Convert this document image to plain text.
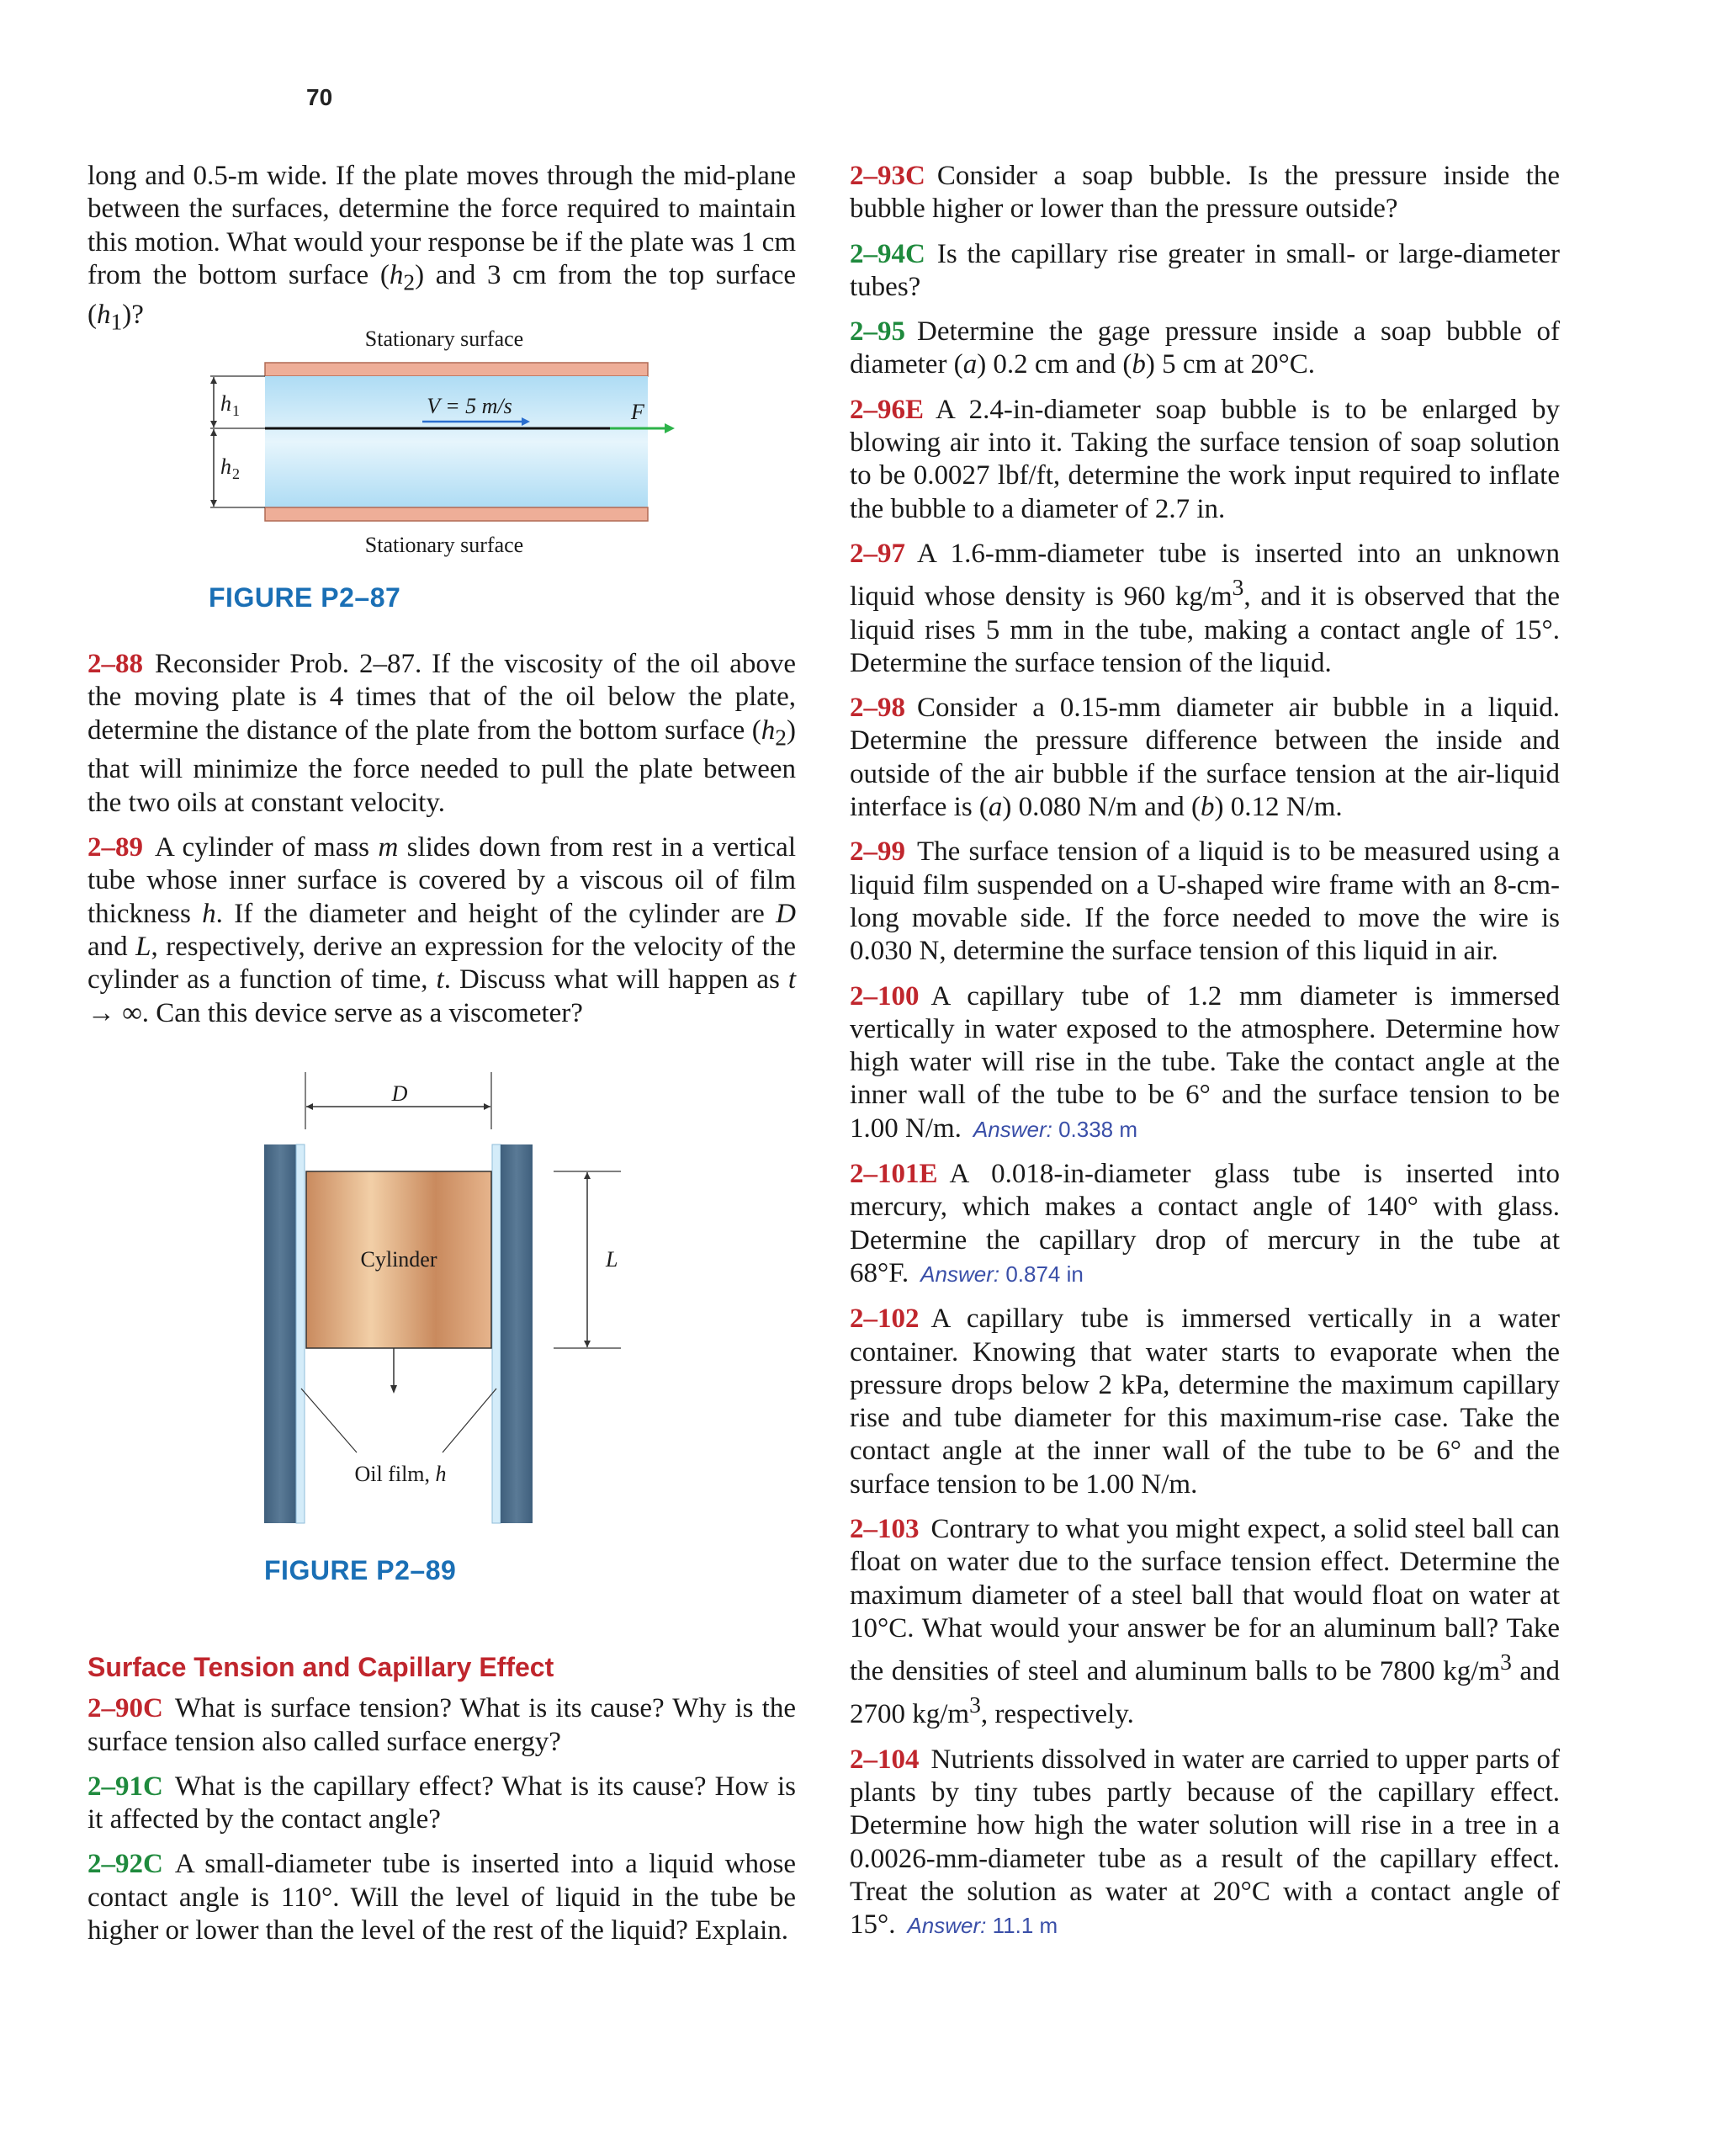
70

long and 0.5-m wide. If the plate moves through the mid-plane between the surfaces, determine the force required to maintain this motion. What would your response be if the plate was 1 cm from the bottom surface $(h_2)$ and 3 cm from the top surface $(h_1)$?

Stationary surface
F
V = 5 m/s
h 1
h 2
Stationary surface
FIGURE P2–87

2–88 Reconsider Prob. 2–87. If the viscosity of the oil above the moving plate is 4 times that of the oil below the plate, determine the distance of the plate from the bottom surface $(h_2)$ that will minimize the force needed to pull the plate between the two oils at constant velocity.

2–89 A cylinder of mass m slides down from rest in a vertical tube whose inner surface is covered by a viscous oil of film thickness h. If the diameter and height of the cylinder are D and L, respectively, derive an expression for the velocity of the cylinder as a function of time, t. Discuss what will happen as t → ∞. Can this device serve as a viscometer?

D
Cylinder	L
Oil film, h
FIGURE P2–89
Surface Tension and Capillary Effect

2–90C What is surface tension? What is its cause? Why is the surface tension also called surface energy?

2–91C What is the capillary effect? What is its cause? How is it affected by the contact angle?

2–92C A small-diameter tube is inserted into a liquid whose contact angle is 110°. Will the level of liquid in the tube be higher or lower than the level of the rest of the liquid? Explain.

2–93C Consider a soap bubble. Is the pressure inside the bubble higher or lower than the pressure outside?

2–94C Is the capillary rise greater in small- or large-diameter tubes?

2–95 Determine the gage pressure inside a soap bubble of diameter (a) 0.2 cm and (b) 5 cm at 20°C.

2–96E A 2.4-in-diameter soap bubble is to be enlarged by blowing air into it. Taking the surface tension of soap solution to be 0.0027 lbf/ft, determine the work input required to inflate the bubble to a diameter of 2.7 in.

2–97 A 1.6-mm-diameter tube is inserted into an unknown liquid whose density is 960 $kg/m^3$, and it is observed that the liquid rises 5 mm in the tube, making a contact angle of 15°. Determine the surface tension of the liquid.

2–98 Consider a 0.15-mm diameter air bubble in a liquid. Determine the pressure difference between the inside and outside of the air bubble if the surface tension at the air-liquid interface is (a) 0.080 N/m and (b) 0.12 N/m.

2–99 The surface tension of a liquid is to be measured using a liquid film suspended on a U-shaped wire frame with an 8-cm-long movable side. If the force needed to move the wire is 0.030 N, determine the surface tension of this liquid in air.

2–100 A capillary tube of 1.2 mm diameter is immersed vertically in water exposed to the atmosphere. Determine how high water will rise in the tube. Take the contact angle at the inner wall of the tube to be 6° and the surface tension to be 1.00 N/m. Answer: 0.338 m

2–101E A 0.018-in-diameter glass tube is inserted into mercury, which makes a contact angle of 140° with glass. Determine the capillary drop of mercury in the tube at 68°F. Answer: 0.874 in

2–102 A capillary tube is immersed vertically in a water container. Knowing that water starts to evaporate when the pressure drops below 2 kPa, determine the maximum capillary rise and tube diameter for this maximum-rise case. Take the contact angle at the inner wall of the tube to be 6° and the surface tension to be 1.00 N/m.

2–103 Contrary to what you might expect, a solid steel ball can float on water due to the surface tension effect. Determine the maximum diameter of a steel ball that would float on water at 10°C. What would your answer be for an aluminum ball? Take the densities of steel and aluminum balls to be 7800 $kg/m^3$ and 2700 $kg/m^3$, respectively.

2–104 Nutrients dissolved in water are carried to upper parts of plants by tiny tubes partly because of the capillary effect. Determine how high the water solution will rise in a tree in a 0.0026-mm-diameter tube as a result of the capillary effect. Treat the solution as water at 20°C with a contact angle of 15°. Answer: 11.1 m
